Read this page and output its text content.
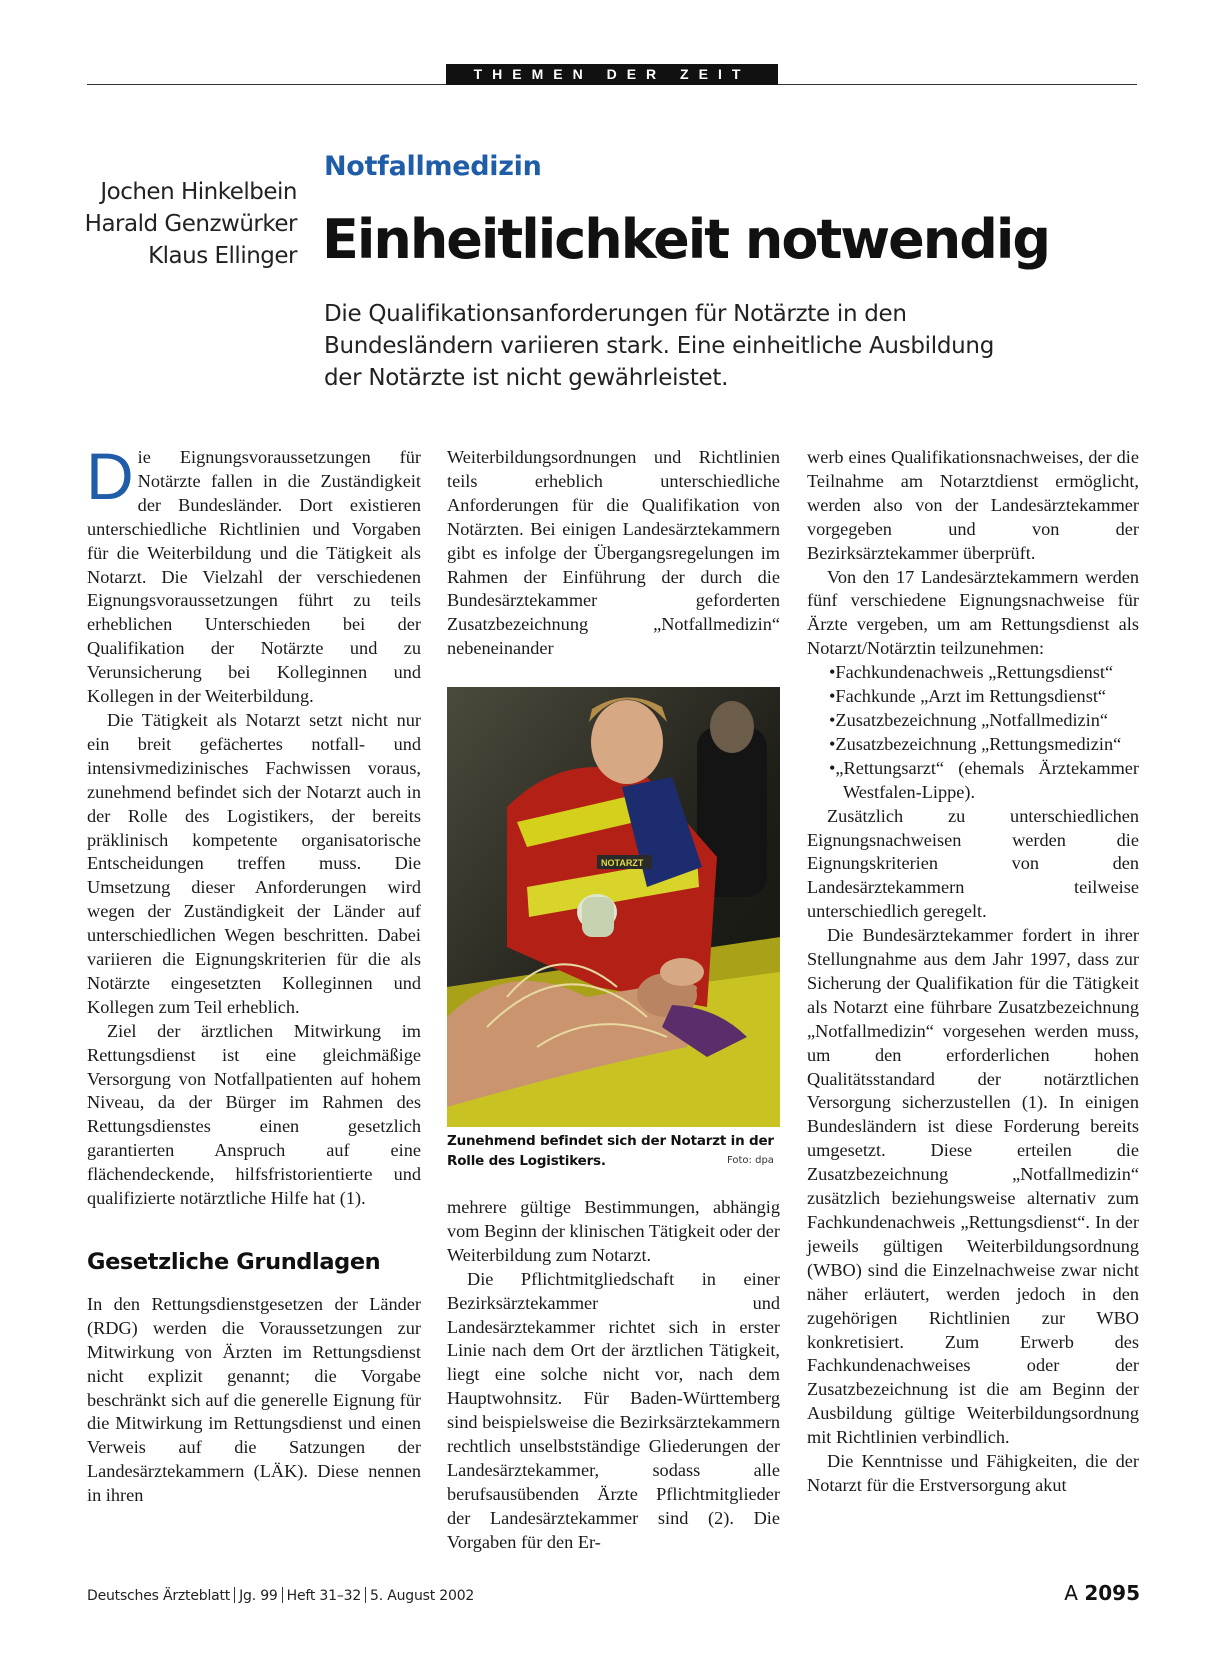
THEMEN DER ZEIT
Jochen Hinkelbein
Harald Genzwürker
Klaus Ellinger
Notfallmedizin
Einheitlichkeit notwendig
Die Qualifikationsanforderungen für Notärzte in den Bundesländern variieren stark. Eine einheitliche Ausbildung der Notärzte ist nicht gewährleistet.

Die Eignungsvoraussetzungen für Notärzte fallen in die Zuständigkeit der Bundesländer. Dort existieren unterschiedliche Richtlinien und Vorgaben für die Weiterbildung und die Tätigkeit als Notarzt. Die Vielzahl der verschiedenen Eignungsvoraussetzungen führt zu teils erheblichen Unterschieden bei der Qualifikation der Notärzte und zu Verunsicherung bei Kolleginnen und Kollegen in der Weiterbildung.

Die Tätigkeit als Notarzt setzt nicht nur ein breit gefächertes notfall- und intensivmedizinisches Fachwissen voraus, zunehmend befindet sich der Notarzt auch in der Rolle des Logistikers, der bereits präklinisch kompetente organisatorische Entscheidungen treffen muss. Die Umsetzung dieser Anforderungen wird wegen der Zuständigkeit der Länder auf unterschiedlichen Wegen beschritten. Dabei variieren die Eignungskriterien für die als Notärzte eingesetzten Kolleginnen und Kollegen zum Teil erheblich.

Ziel der ärztlichen Mitwirkung im Rettungsdienst ist eine gleichmäßige Versorgung von Notfallpatienten auf hohem Niveau, da der Bürger im Rahmen des Rettungsdienstes einen gesetzlich garantierten Anspruch auf eine flächendeckende, hilfsfristorientierte und qualifizierte notärztliche Hilfe hat (1).

Gesetzliche Grundlagen

In den Rettungsdienstgesetzen der Länder (RDG) werden die Voraussetzungen zur Mitwirkung von Ärzten im Rettungsdienst nicht explizit genannt; die Vorgabe beschränkt sich auf die generelle Eignung für die Mitwirkung im Rettungsdienst und einen Verweis auf die Satzungen der Landesärztekammern (LÄK). Diese nennen in ihren

Weiterbildungsordnungen und Richtlinien teils erheblich unterschiedliche Anforderungen für die Qualifikation von Notärzten. Bei einigen Landesärztekammern gibt es infolge der Übergangsregelungen im Rahmen der Einführung der durch die Bundesärztekammer geforderten Zusatzbezeichnung „Notfallmedizin“ nebeneinander

NOTARZT
Zunehmend befindet sich der Notarzt in der Rolle des Logistikers.	Foto: dpa

mehrere gültige Bestimmungen, abhängig vom Beginn der klinischen Tätigkeit oder der Weiterbildung zum Notarzt.

Die Pflichtmitgliedschaft in einer Bezirksärztekammer und Landesärztekammer richtet sich in erster Linie nach dem Ort der ärztlichen Tätigkeit, liegt eine solche nicht vor, nach dem Hauptwohnsitz. Für Baden-Württemberg sind beispielsweise die Bezirksärztekammern rechtlich unselbstständige Gliederungen der Landesärztekammer, sodass alle berufsausübenden Ärzte Pflichtmitglieder der Landesärztekammer sind (2). Die Vorgaben für den Er-

werb eines Qualifikationsnachweises, der die Teilnahme am Notarztdienst ermöglicht, werden also von der Landesärztekammer vorgegeben und von der Bezirksärztekammer überprüft.

Von den 17 Landesärztekammern werden fünf verschiedene Eignungsnachweise für Ärzte vergeben, um am Rettungsdienst als Notarzt/Notärztin teilzunehmen:

• Fachkundenachweis „Rettungsdienst“
• Fachkunde „Arzt im Rettungsdienst“
• Zusatzbezeichnung „Notfallmedizin“
• Zusatzbezeichnung „Rettungsmedizin“
• „Rettungsarzt“ (ehemals Ärztekammer Westfalen-Lippe).

Zusätzlich zu unterschiedlichen Eignungsnachweisen werden die Eignungskriterien von den Landesärztekammern teilweise unterschiedlich geregelt.

Die Bundesärztekammer fordert in ihrer Stellungnahme aus dem Jahr 1997, dass zur Sicherung der Qualifikation für die Tätigkeit als Notarzt eine führbare Zusatzbezeichnung „Notfallmedizin“ vorgesehen werden muss, um den erforderlichen hohen Qualitätsstandard der notärztlichen Versorgung sicherzustellen (1). In einigen Bundesländern ist diese Forderung bereits umgesetzt. Diese erteilen die Zusatzbezeichnung „Notfallmedizin“ zusätzlich beziehungsweise alternativ zum Fachkundenachweis „Rettungsdienst“. In der jeweils gültigen Weiterbildungsordnung (WBO) sind die Einzelnachweise zwar nicht näher erläutert, werden jedoch in den zugehörigen Richtlinien zur WBO konkretisiert. Zum Erwerb des Fachkundenachweises oder der Zusatzbezeichnung ist die am Beginn der Ausbildung gültige Weiterbildungsordnung mit Richtlinien verbindlich.

Die Kenntnisse und Fähigkeiten, die der Notarzt für die Erstversorgung akut

Deutsches Ärzteblatt Jg. 99 Heft 31–32 5. August 2002	A 2095
